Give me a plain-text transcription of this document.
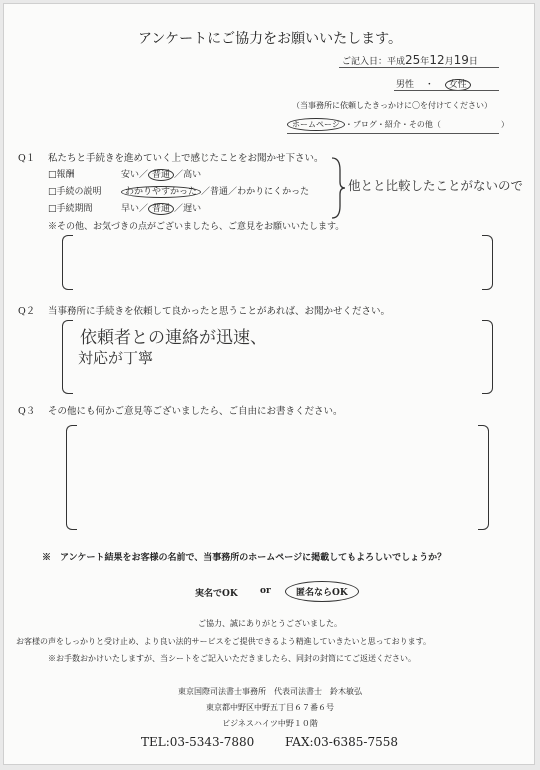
アンケートにご協力をお願いいたします。
ご記入日：平成25年12月19日
男性 ・ 女性
（当事務所に依頼したきっかけに〇を付けてください）
ホームページ ・ブログ・紹介・その他（	）
Q１ 私たちと手続きを進めていく上で感じたことをお聞かせ下さい。
□報酬	安い／ 普通 ／高い
□手続の説明	わかりやすかった ／普通／わかりにくかった
□手続期間	早い／ 普通 ／遅い
他とと比較したことがないので
※その他、お気づきの点がございましたら、ご意見をお願いいたします。
Q２ 当事務所に手続きを依頼して良かったと思うことがあれば、お聞かせください。
依頼者との連絡が迅速、
対応が丁寧
Q３ その他にも何かご意見等ございましたら、ご自由にお書きください。
※　アンケート結果をお客様の名前で、当事務所のホームページに掲載してもよろしいでしょうか？
実名でOK or	匿名ならOK
ご協力、誠にありがとうございました。
お客様の声をしっかりと受け止め、より良い法的サービスをご提供できるよう精進していきたいと思っております。
※お手数おかけいたしますが、当シートをご記入いただきましたら、同封の封筒にてご返送ください。
東京国際司法書士事務所　代表司法書士　鈴木敏弘
東京都中野区中野五丁目６７番６号
ビジネスハイツ中野１０階
TEL:03-5343-7880	FAX:03-6385-7558
